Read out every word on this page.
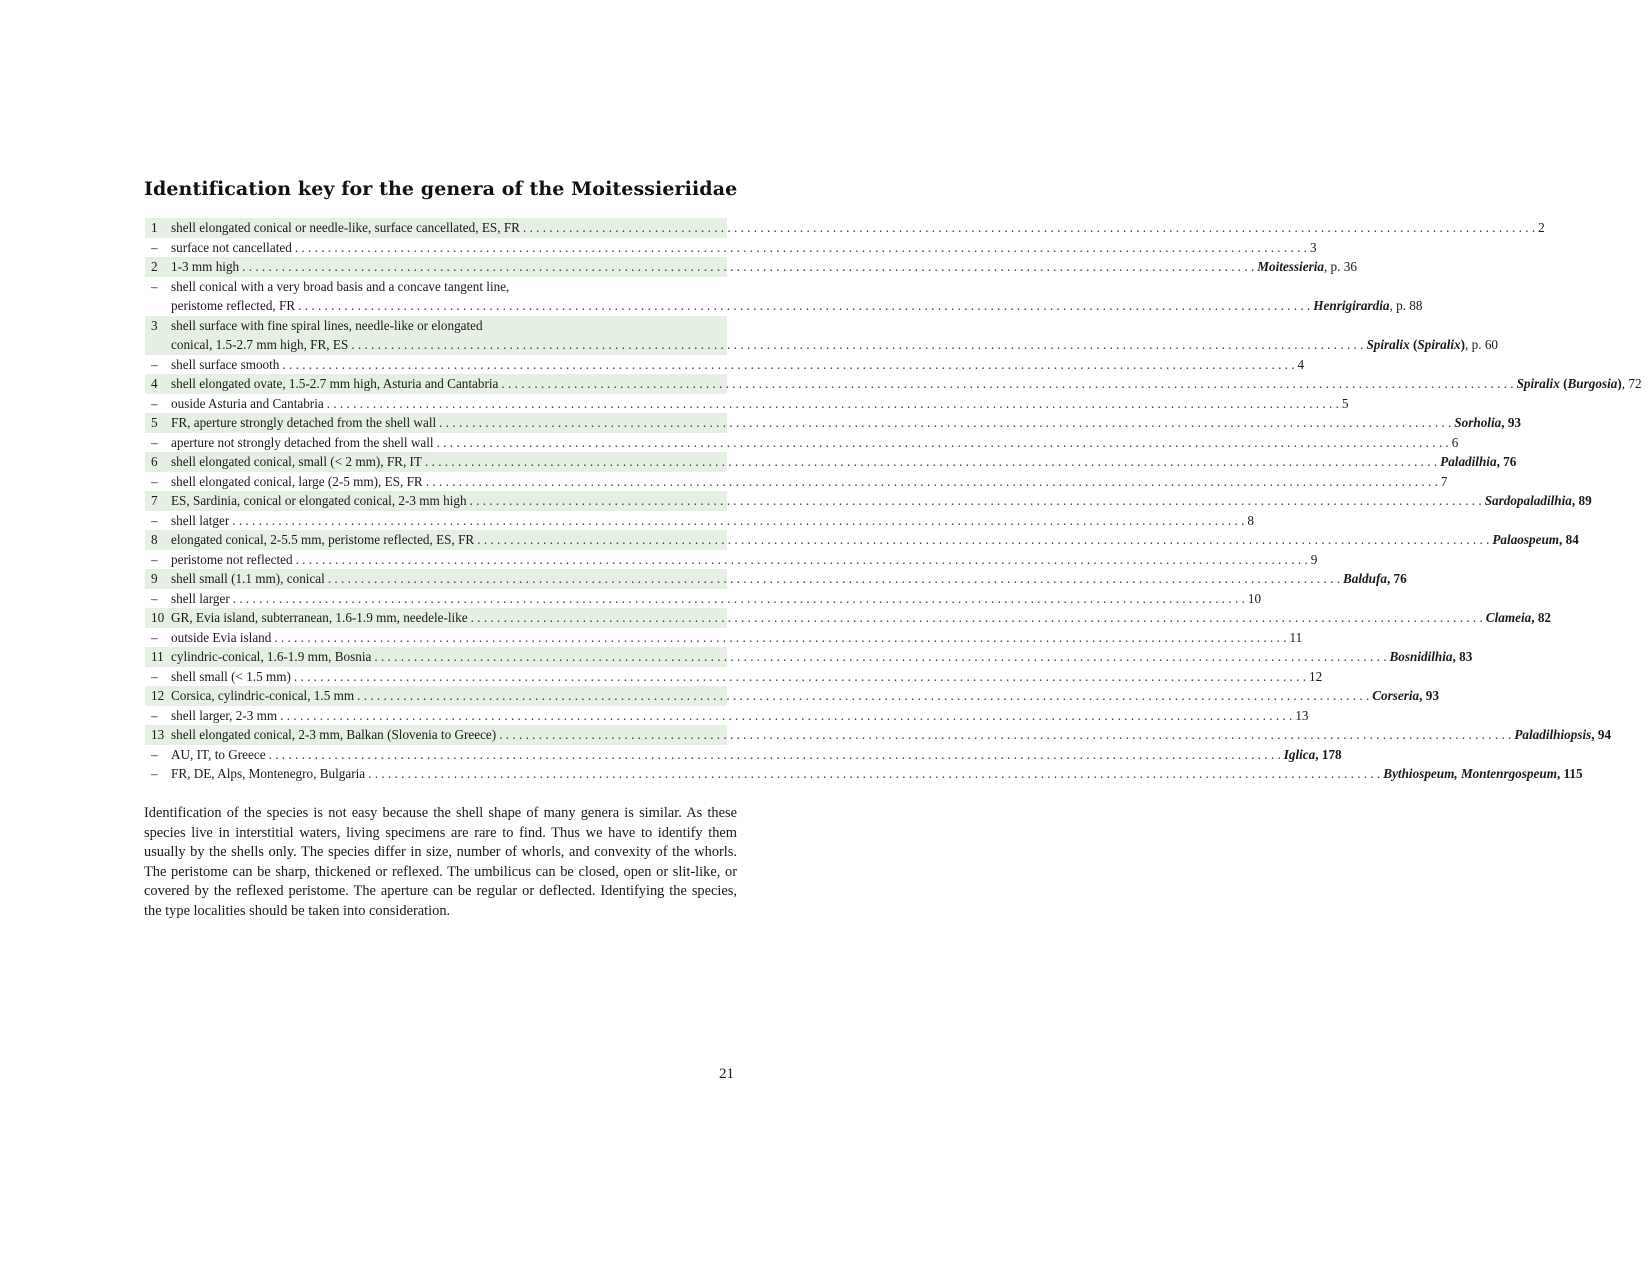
Identification key for the genera of the Moitessieriidae
1	shell elongated conical or needle-like, surface cancellated, ES, FR . . .	2
–	surface not cancellated . . .	3
2	1-3 mm high . . .	Moitessieria, p. 36
–	shell conical with a very broad basis and a concave tangent line,
peristome reflected, FR . . .	Henrigirardia, p. 88
3	shell surface with fine spiral lines, needle-like or elongated
conical, 1.5-2.7 mm high, FR, ES . . .	Spiralix (Spiralix), p. 60
–	shell surface smooth . . .	4
4	shell elongated ovate, 1.5-2.7 mm high, Asturia and Cantabria . . .	Spiralix (Burgosia), 72
–	ouside Asturia and Cantabria . . .	5
5	FR, aperture strongly detached from the shell wall . . .	Sorholia, 93
–	aperture not strongly detached from the shell wall . . .	6
6	shell elongated conical, small (< 2 mm), FR, IT . . .	Paladilhia, 76
–	shell elongated conical, large (2-5 mm), ES, FR . . .	7
7	ES, Sardinia, conical or elongated conical, 2-3 mm high . . .	Sardopaladilhia, 89
–	shell latger . . .	8
8	elongated conical, 2-5.5 mm, peristome reflected, ES, FR . . .	Palaospeum, 84
–	peristome not reflected . . .	9
9	shell small (1.1 mm), conical . . .	Baldufa, 76
–	shell larger . . .	10
10 GR, Evia island, subterranean, 1.6-1.9 mm, needele-like . . .	Clameia, 82
–	outside Evia island . . .	11
11 cylindric-conical, 1.6-1.9 mm, Bosnia . . .	Bosnidilhia, 83
–	shell small (< 1.5 mm) . . .	12
12 Corsica, cylindric-conical, 1.5 mm . . .	Corseria, 93
–	shell larger, 2-3 mm . . .	13
13 shell elongated conical, 2-3 mm, Balkan (Slovenia to Greece) . . .	Paladilhiopsis, 94
–	AU, IT, to Greece . . .	Iglica, 178
–	FR, DE, Alps, Montenegro, Bulgaria . . .	Bythiospeum, Montenrgospeum, 115

Identification of the species is not easy because the shell shape of many genera is similar. As these species live in interstitial waters, living specimens are rare to find. Thus we have to identify them usually by the shells only. The species differ in size, number of whorls, and convexity of the whorls. The peristome can be sharp, thickened or reflexed. The umbilicus can be closed, open or slit-like, or covered by the reflexed peristome. The aperture can be regular or deflected. Identifying the species, the type localities should be taken into consideration.

21
